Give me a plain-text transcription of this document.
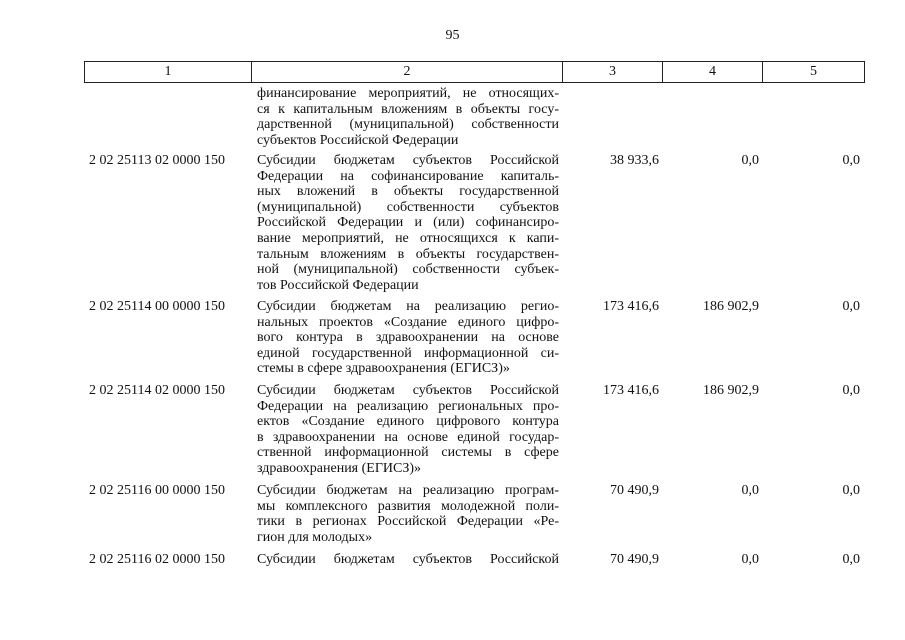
95
1	2	3	4	5
финансирование мероприятий, не относящих-
ся к капитальным вложениям в объекты госу-
дарственной (муниципальной) собственности
субъектов Российской Федерации
2 02 25113 02 0000 150 Субсидии бюджетам субъектов Российской
Федерации на софинансирование капиталь-
ных вложений в объекты государственной
(муниципальной) собственности субъектов
Российской Федерации и (или) софинансиро-
вание мероприятий, не относящихся к капи-
тальным вложениям в объекты государствен-
ной (муниципальной) собственности субъек-
тов Российской Федерации
38 933,6	0,0	0,0
2 02 25114 00 0000 150 Субсидии бюджетам на реализацию регио-
нальных проектов «Создание единого цифро-
вого контура в здравоохранении на основе
единой государственной информационной си-
стемы в сфере здравоохранения (ЕГИСЗ)»
173 416,6	186 902,9	0,0
2 02 25114 02 0000 150 Субсидии бюджетам субъектов Российской
Федерации на реализацию региональных про-
ектов «Создание единого цифрового контура
в здравоохранении на основе единой государ-
ственной информационной системы в сфере
здравоохранения (ЕГИСЗ)»
173 416,6	186 902,9	0,0
2 02 25116 00 0000 150 Субсидии бюджетам на реализацию програм-
мы комплексного развития молодежной поли-
тики в регионах Российской Федерации «Ре-
гион для молодых»
70 490,9	0,0	0,0
2 02 25116 02 0000 150 Субсидии бюджетам субъектов Российской	70 490,9	0,0	0,0
